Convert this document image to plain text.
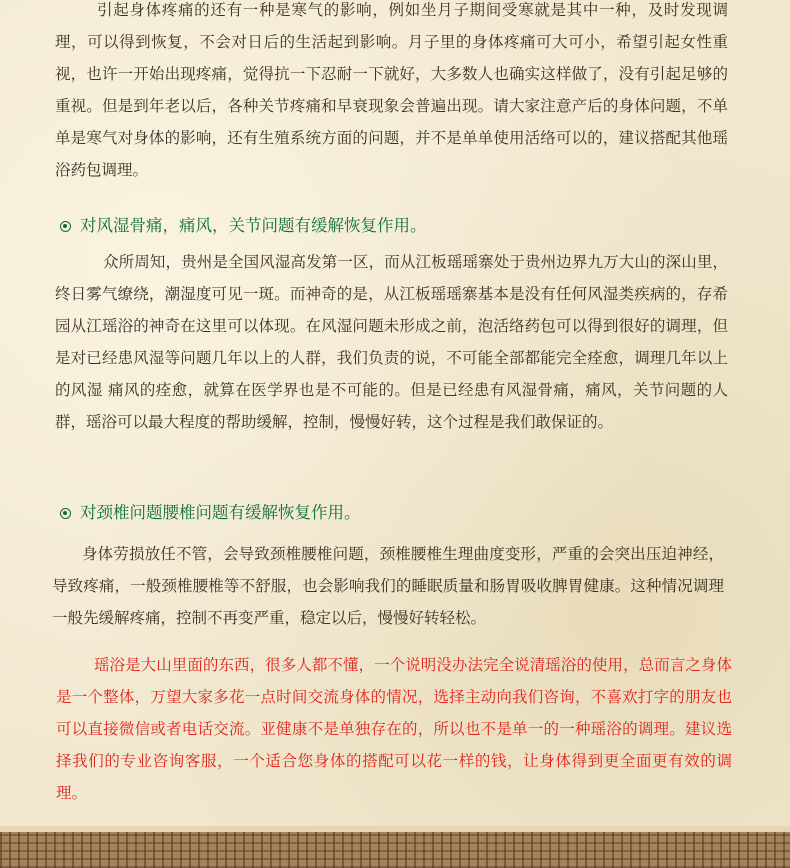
引起身体疼痛的还有一种是寒气的影响，例如坐月子期间受寒就是其中一种，及时发现调理，可以得到恢复，不会对日后的生活起到影响。月子里的身体疼痛可大可小，希望引起女性重视，也许一开始出现疼痛，觉得抗一下忍耐一下就好，大多数人也确实这样做了，没有引起足够的重视。但是到年老以后，各种关节疼痛和早衰现象会普遍出现。请大家注意产后的身体问题，不单单是寒气对身体的影响，还有生殖系统方面的问题，并不是单单使用活络可以的，建议搭配其他瑶浴药包调理。

对风湿骨痛，痛风，关节问题有缓解恢复作用。

众所周知，贵州是全国风湿高发第一区，而从江板瑶瑶寨处于贵州边界九万大山的深山里，终日雾气缭绕，潮湿度可见一斑。而神奇的是，从江板瑶瑶寨基本是没有任何风湿类疾病的，存希园从江瑶浴的神奇在这里可以体现。在风湿问题未形成之前，泡活络药包可以得到很好的调理，但是对已经患风湿等问题几年以上的人群，我们负责的说，不可能全部都能完全痊愈，调理几年以上的风湿 痛风的痊愈，就算在医学界也是不可能的。但是已经患有风湿骨痛，痛风，关节问题的人群，瑶浴可以最大程度的帮助缓解，控制，慢慢好转，这个过程是我们敢保证的。

对颈椎问题腰椎问题有缓解恢复作用。

身体劳损放任不管，会导致颈椎腰椎问题，颈椎腰椎生理曲度变形，严重的会突出压迫神经，导致疼痛，一般颈椎腰椎等不舒服，也会影响我们的睡眠质量和肠胃吸收脾胃健康。这种情况调理一般先缓解疼痛，控制不再变严重，稳定以后，慢慢好转轻松。

瑶浴是大山里面的东西，很多人都不懂，一个说明没办法完全说清瑶浴的使用，总而言之身体是一个整体，万望大家多花一点时间交流身体的情况，选择主动向我们咨询，不喜欢打字的朋友也可以直接微信或者电话交流。亚健康不是单独存在的，所以也不是单一的一种瑶浴的调理。建议选择我们的专业咨询客服，一个适合您身体的搭配可以花一样的钱，让身体得到更全面更有效的调理。
